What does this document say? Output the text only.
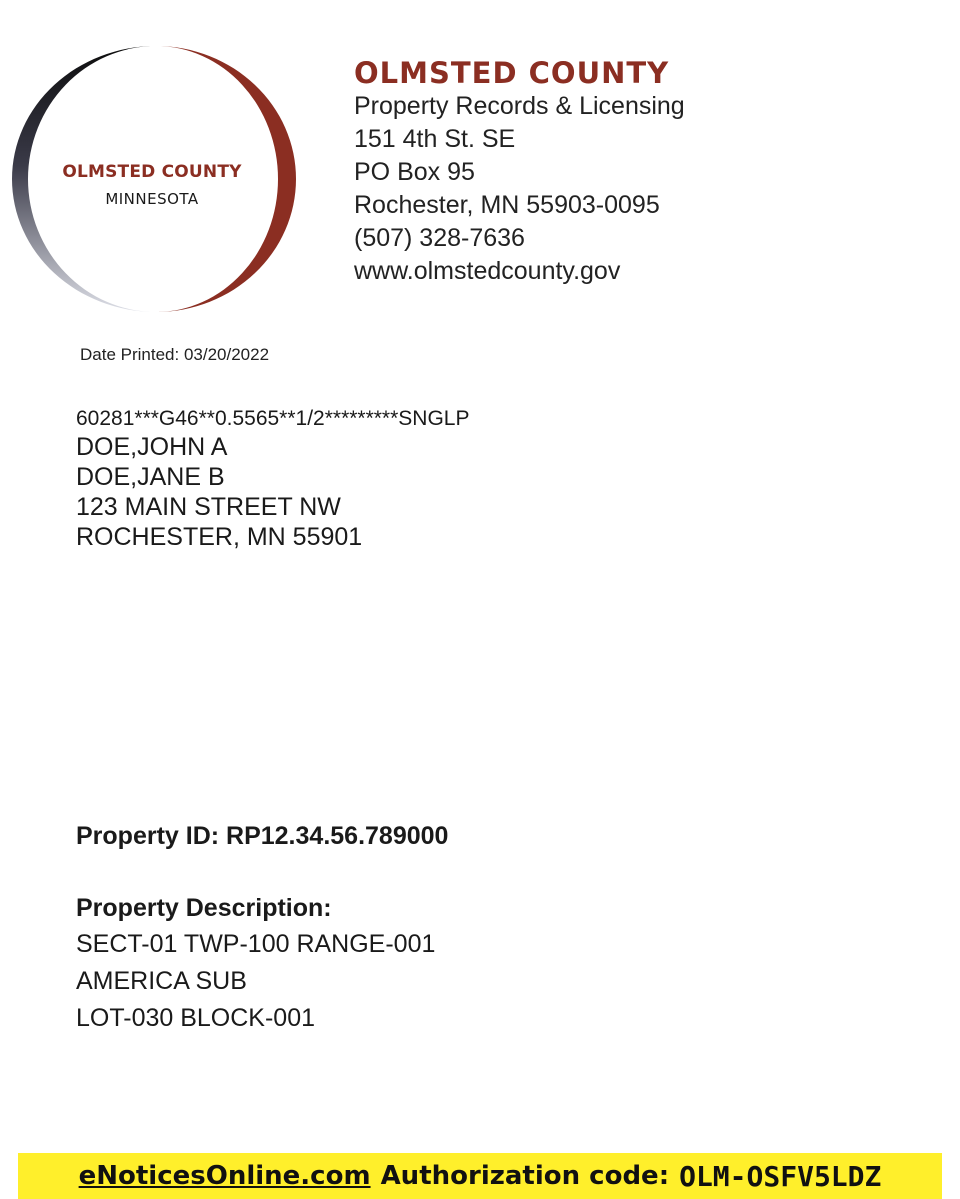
OLMSTED COUNTY
MINNESOTA
OLMSTED COUNTY
Property Records & Licensing
151 4th St. SE
PO Box 95
Rochester, MN 55903-0095
(507) 328-7636
www.olmstedcounty.gov
Date Printed: 03/20/2022
60281***G46**0.5565**1/2*********SNGLP
DOE,JOHN A
DOE,JANE B
123 MAIN STREET NW
ROCHESTER, MN 55901
Property ID: RP12.34.56.789000
Property Description:
SECT-01 TWP-100 RANGE-001
AMERICA SUB
LOT-030 BLOCK-001
eNoticesOnline.com Authorization code: OLM-OSFV5LDZ
